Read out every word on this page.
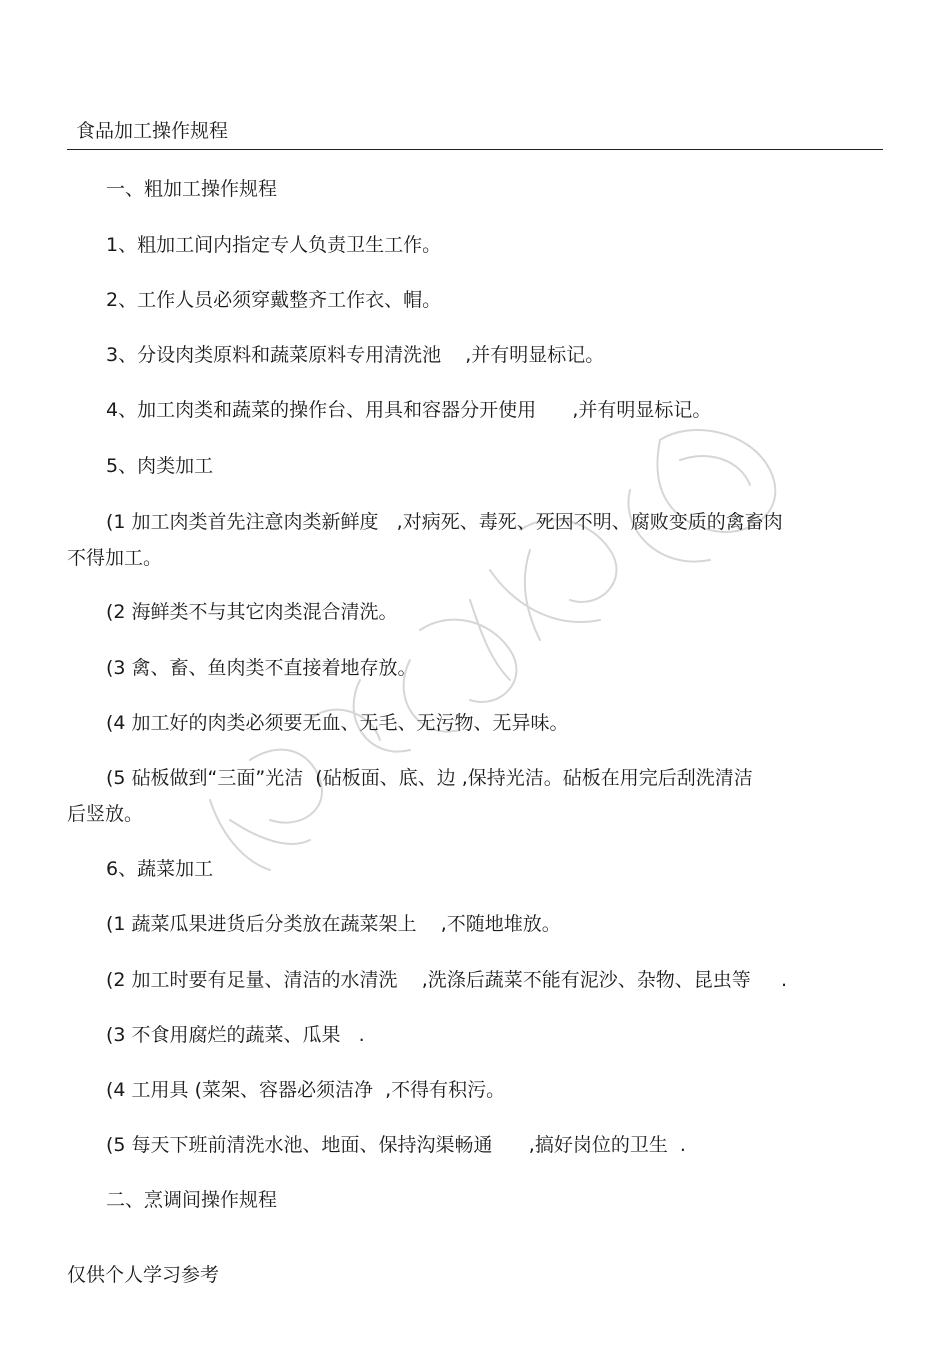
食品加工操作规程
一、粗加工操作规程
1、粗加工间内指定专人负责卫生工作。
2、工作人员必须穿戴整齐工作衣、帽。
3、分设肉类原料和蔬菜原料专用清洗池    ,并有明显标记。
4、加工肉类和蔬菜的操作台、用具和容器分开使用      ,并有明显标记。
5、肉类加工
(1 加工肉类首先注意肉类新鲜度   ,对病死、毒死、死因不明、腐败变质的禽畜肉
不得加工。
(2 海鲜类不与其它肉类混合清洗。
(3 禽、畜、鱼肉类不直接着地存放。
(4 加工好的肉类必须要无血、无毛、无污物、无异味。
(5 砧板做到“三面”光洁  (砧板面、底、边 ,保持光洁。砧板在用完后刮洗清洁
后竖放。
6、蔬菜加工
(1 蔬菜瓜果进货后分类放在蔬菜架上    ,不随地堆放。
(2 加工时要有足量、清洁的水清洗    ,洗涤后蔬菜不能有泥沙、杂物、昆虫等     .
(3 不食用腐烂的蔬菜、瓜果   .
(4 工用具 (菜架、容器必须洁净  ,不得有积污。
(5 每天下班前清洗水池、地面、保持沟渠畅通      ,搞好岗位的卫生  .
二、烹调间操作规程
仅供个人学习参考
